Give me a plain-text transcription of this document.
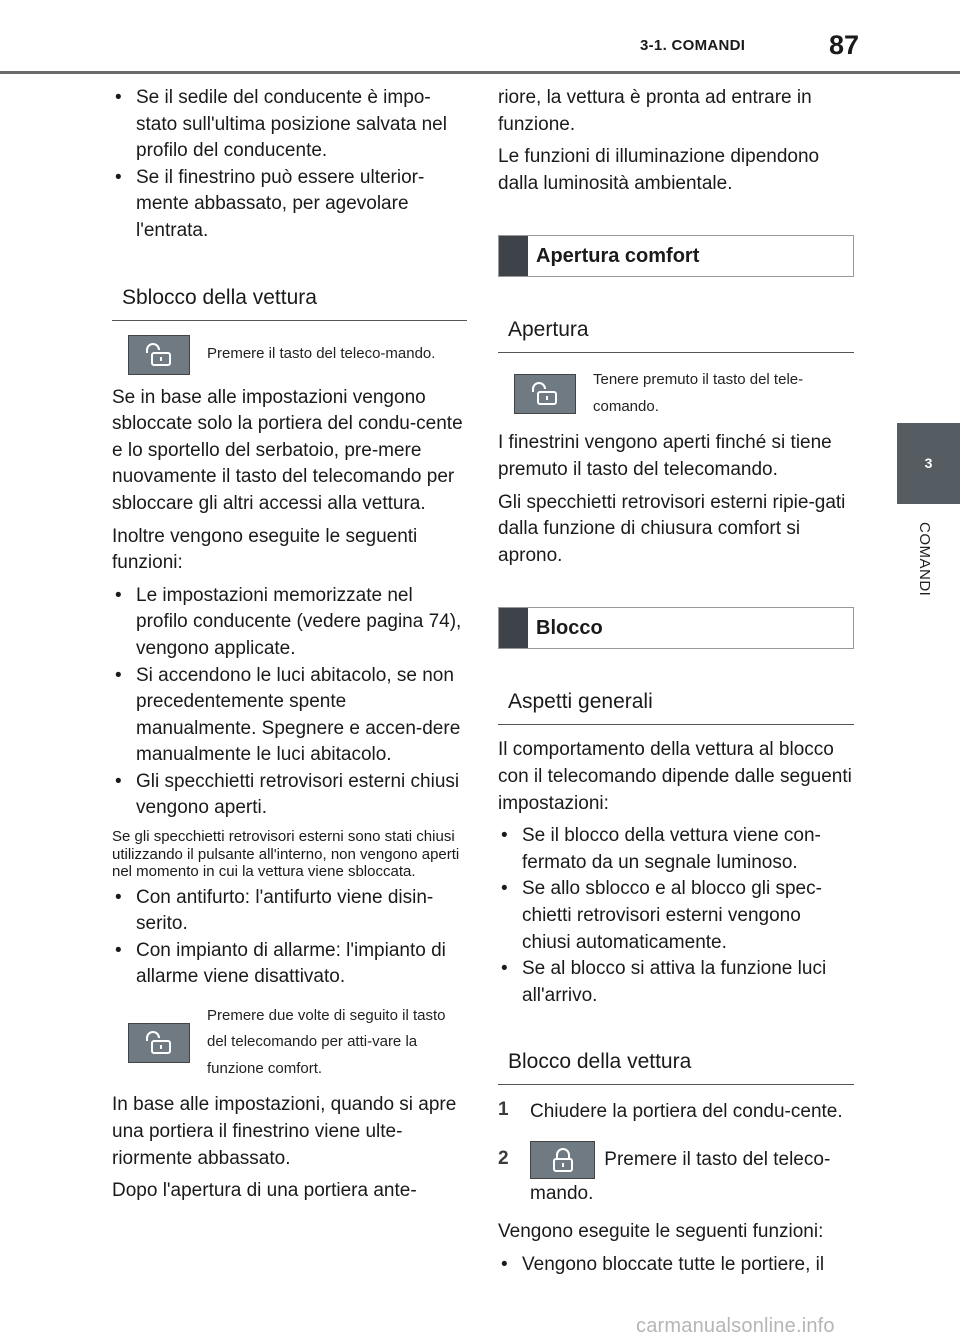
3-1. COMANDI	87
3
COMANDI
• Se il sedile del conducente è impo-stato sull'ultima posizione salvata nel profilo del conducente.
• Se il finestrino può essere ulterior-mente abbassato, per agevolare l'entrata.
Sblocco della vettura
Premere il tasto del teleco-mando.

Se in base alle impostazioni vengono sbloccate solo la portiera del condu-cente e lo sportello del serbatoio, pre-mere nuovamente il tasto del telecomando per sbloccare gli altri accessi alla vettura.

Inoltre vengono eseguite le seguenti funzioni:

• Le impostazioni memorizzate nel profilo conducente (vedere pagina 74), vengono applicate.
• Si accendono le luci abitacolo, se non precedentemente spente manualmente. Spegnere e accen-dere manualmente le luci abitacolo.
• Gli specchietti retrovisori esterni chiusi vengono aperti.
Se gli specchietti retrovisori esterni sono stati chiusi utilizzando il pulsante all'interno, non vengono aperti nel momento in cui la vettura viene sbloccata.
• Con antifurto: l'antifurto viene disin-serito.
• Con impianto di allarme: l'impianto di allarme viene disattivato.
Premere due volte di seguito il tasto del telecomando per atti-vare la funzione comfort.

In base alle impostazioni, quando si apre una portiera il finestrino viene ulte-riormente abbassato.

Dopo l'apertura di una portiera ante-

riore, la vettura è pronta ad entrare in funzione.

Le funzioni di illuminazione dipendono dalla luminosità ambientale.

Apertura comfort
Apertura
Tenere premuto il tasto del tele-comando.

I finestrini vengono aperti finché si tiene premuto il tasto del telecomando.

Gli specchietti retrovisori esterni ripie-gati dalla funzione di chiusura comfort si aprono.

Blocco
Aspetti generali

Il comportamento della vettura al blocco con il telecomando dipende dalle seguenti impostazioni:

• Se il blocco della vettura viene con-fermato da un segnale luminoso.
• Se allo sblocco e al blocco gli spec-chietti retrovisori esterni vengono chiusi automaticamente.
• Se al blocco si attiva la funzione luci all'arrivo.
Blocco della vettura
1	Chiudere la portiera del condu-cente.
2	Premere il tasto del teleco-mando.

Vengono eseguite le seguenti funzioni:

• Vengono bloccate tutte le portiere, il
carmanualsonline.info
